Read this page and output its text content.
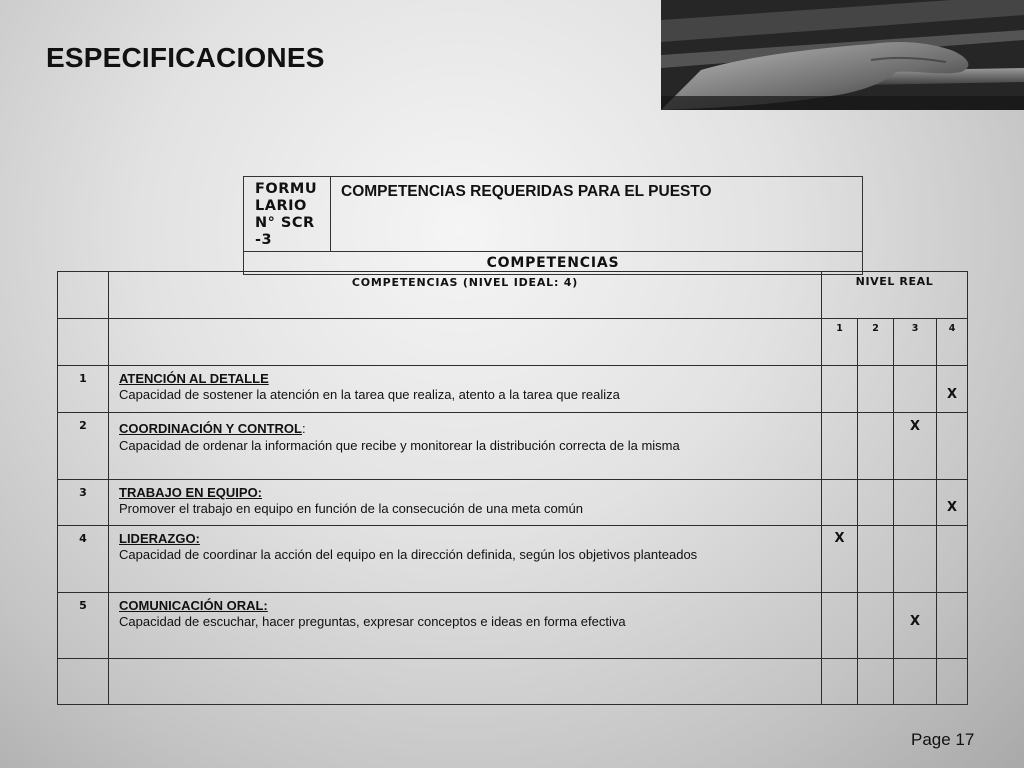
ESPECIFICACIONES
FORMU
LARIO
N° SCR
-3
COMPETENCIAS REQUERIDAS PARA EL PUESTO
COMPETENCIAS
	COMPETENCIAS (NIVEL IDEAL: 4)	NIVEL REAL			
		1	2	3	4
1	ATENCIÓN AL DETALLE
Capacidad de sostener la atención en la tarea que realiza, atento a la tarea que realiza				X
2	COORDINACIÓN Y CONTROL:
Capacidad de ordenar la información que recibe y monitorear la distribución correcta de la misma			X	
3	TRABAJO EN EQUIPO:
Promover el trabajo en equipo en función de la consecución de una meta común				X
4	LIDERAZGO:
Capacidad de coordinar la acción del equipo en la dirección definida, según los objetivos planteados	X			
5	COMUNICACIÓN ORAL:
Capacidad de escuchar, hacer preguntas, expresar conceptos e ideas en forma efectiva			X	

Page 17
